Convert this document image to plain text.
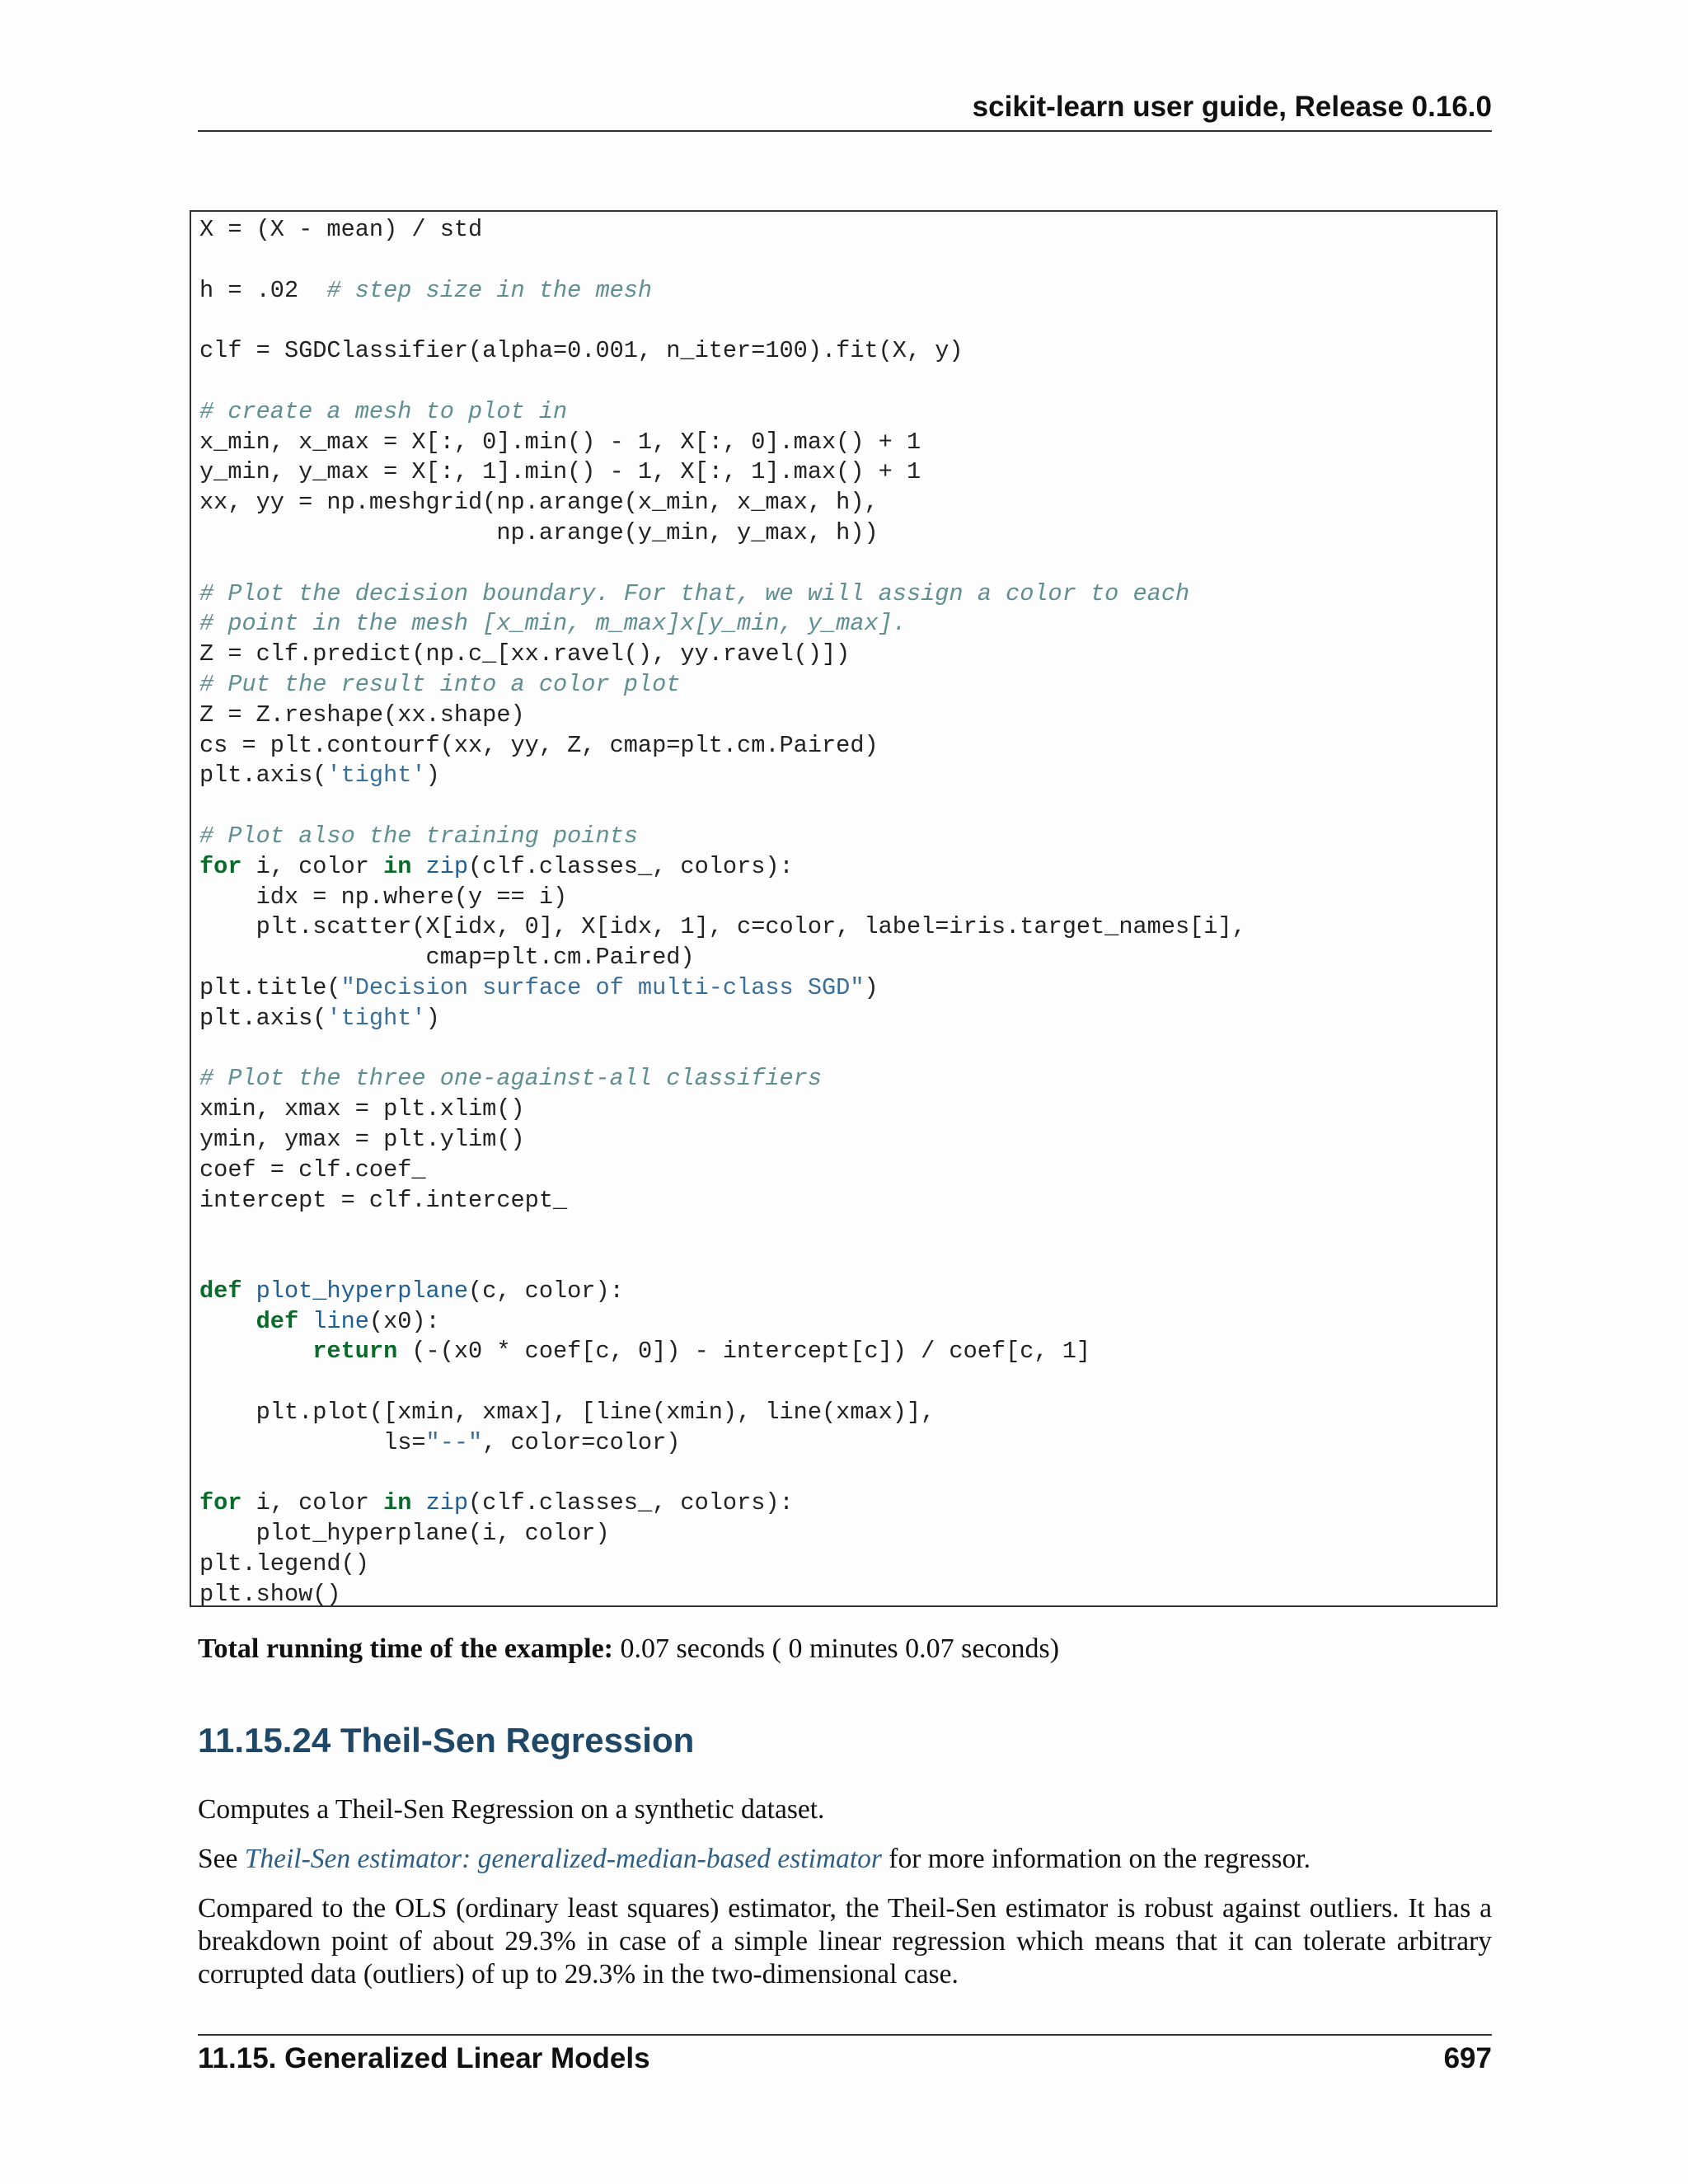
scikit-learn user guide, Release 0.16.0
X = (X - mean) / std

h = .02  # step size in the mesh

clf = SGDClassifier(alpha=0.001, n_iter=100).fit(X, y)

# create a mesh to plot in
x_min, x_max = X[:, 0].min() - 1, X[:, 0].max() + 1
y_min, y_max = X[:, 1].min() - 1, X[:, 1].max() + 1
xx, yy = np.meshgrid(np.arange(x_min, x_max, h),
np.arange(y_min, y_max, h))

# Plot the decision boundary. For that, we will assign a color to each
# point in the mesh [x_min, m_max]x[y_min, y_max].
Z = clf.predict(np.c_[xx.ravel(), yy.ravel()])
# Put the result into a color plot
Z = Z.reshape(xx.shape)
cs = plt.contourf(xx, yy, Z, cmap=plt.cm.Paired)
plt.axis('tight')

# Plot also the training points
for i, color in zip(clf.classes_, colors):
idx = np.where(y == i)
plt.scatter(X[idx, 0], X[idx, 1], c=color, label=iris.target_names[i],
cmap=plt.cm.Paired)
plt.title("Decision surface of multi-class SGD")
plt.axis('tight')

# Plot the three one-against-all classifiers
xmin, xmax = plt.xlim()
ymin, ymax = plt.ylim()
coef = clf.coef_
intercept = clf.intercept_

def plot_hyperplane(c, color):
def line(x0):
return (-(x0 * coef[c, 0]) - intercept[c]) / coef[c, 1]

plt.plot([xmin, xmax], [line(xmin), line(xmax)],
ls="--", color=color)

for i, color in zip(clf.classes_, colors):
plot_hyperplane(i, color)
plt.legend()
plt.show()
Total running time of the example: 0.07 seconds ( 0 minutes 0.07 seconds)
11.15.24 Theil-Sen Regression
Computes a Theil-Sen Regression on a synthetic dataset.
See Theil-Sen estimator: generalized-median-based estimator for more information on the regressor.
Compared to the OLS (ordinary least squares) estimator, the Theil-Sen estimator is robust against outliers. It has a breakdown point of about 29.3% in case of a simple linear regression which means that it can tolerate arbitrary corrupted data (outliers) of up to 29.3% in the two-dimensional case.
11.15. Generalized Linear Models	697
